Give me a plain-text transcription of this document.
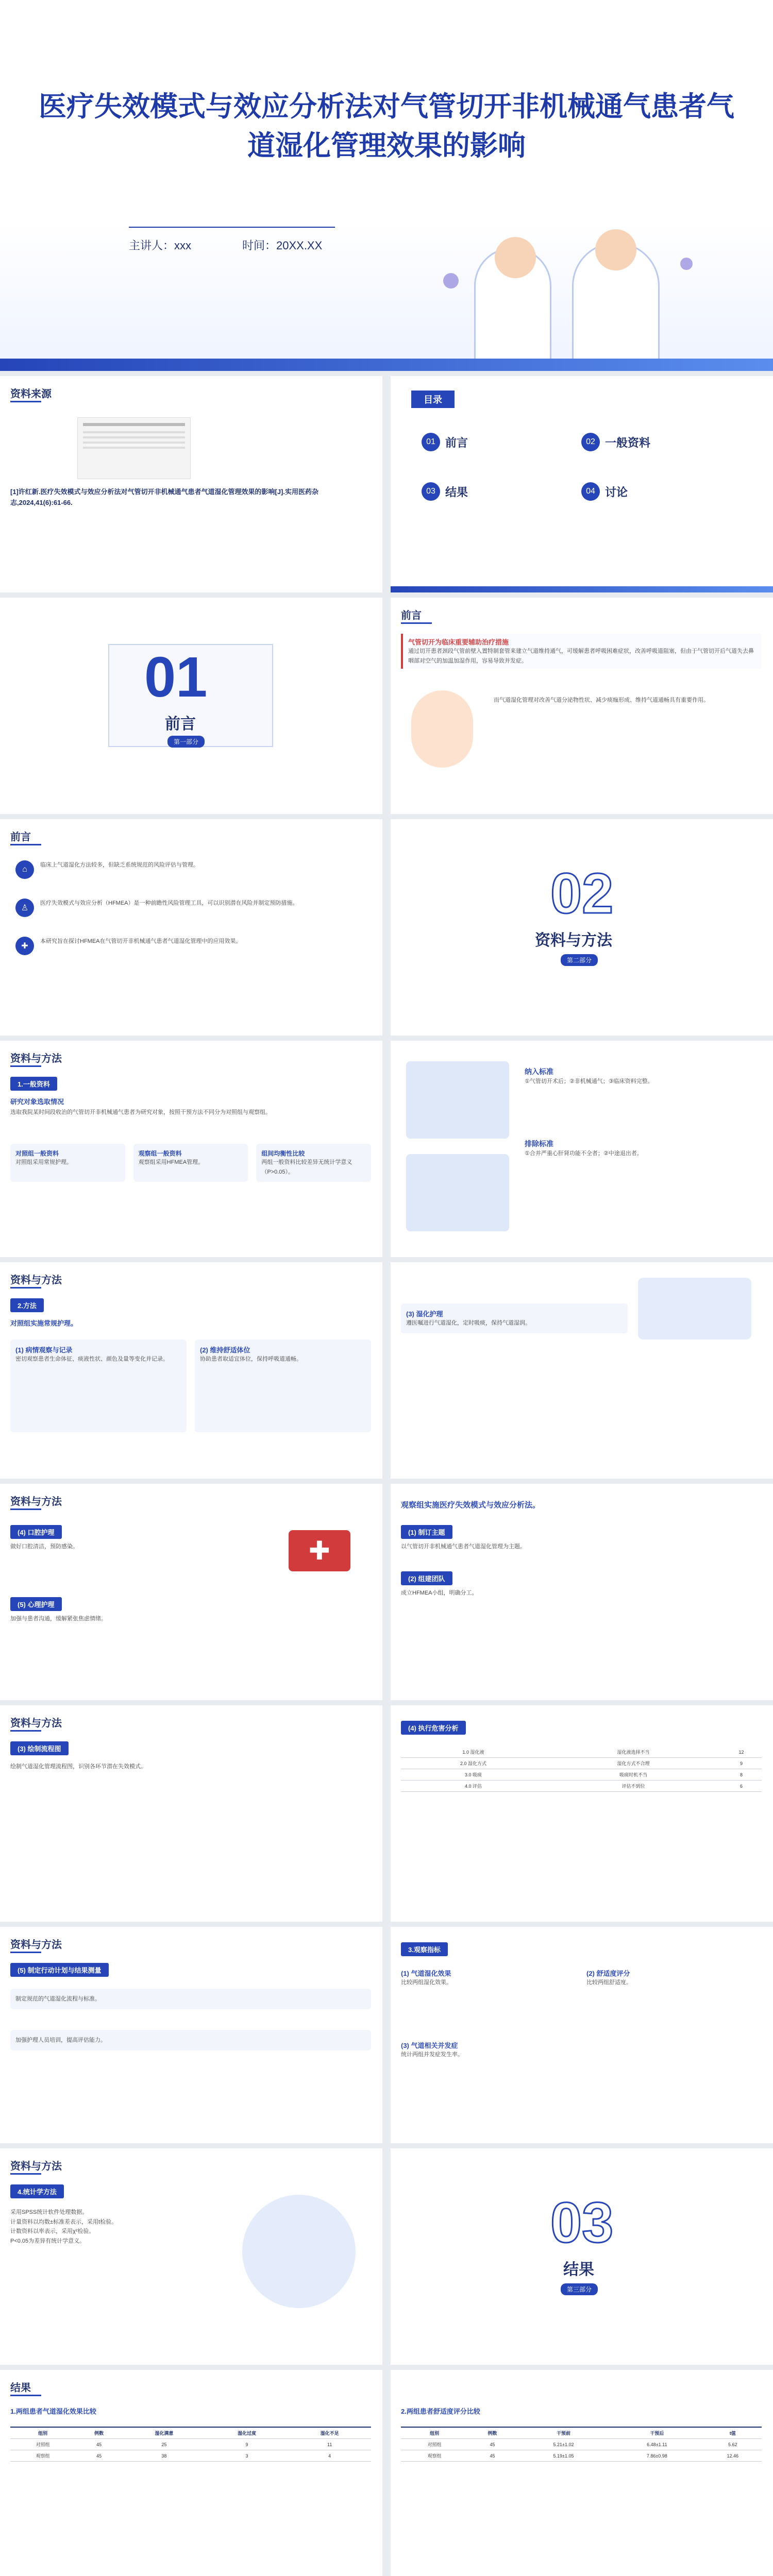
医疗失效模式与效应分析法对气管切开非机械通气患者气道湿化管理效果的影响
主讲人：xxx	时间：20XX.XX
资料来源
[1]许红新.医疗失效模式与效应分析法对气管切开非机械通气患者气道湿化管理效果的影响[J].实用医药杂志,2024,41(6):61-66.
目录
01 前言	02 一般资料
03 结果	04 讨论
01
前言
第一部分
前言
气管切开为临床重要辅助治疗措施
通过切开患者颈段气管前壁入置特制套管来建立气道维持通气，可缓解患者呼吸困难症状，改善呼吸道阻塞，但由于气管切开后气道失去鼻咽部对空气的加温加湿作用，容易导致并发症。
而气道湿化管理对改善气道分泌物性状、减少痰痂形成、维持气道通畅具有重要作用。
前言
⌂	临床上气道湿化方法较多，但缺乏系统规范的风险评估与管理。
♙
医疗失效模式与效应分析（HFMEA）是一种前瞻性风险管理工具，可以识别潜在风险并制定预防措施。
✚
本研究旨在探讨HFMEA在气管切开非机械通气患者气道湿化管理中的应用效果。
02
资料与方法
第二部分
资料与方法
1.一般资料
研究对象选取情况
选取我院某时间段收治的气管切开非机械通气患者为研究对象，按照干预方法不同分为对照组与观察组。
对照组一般资料
对照组采用常规护理。
观察组一般资料
观察组采用HFMEA管理。
组间均衡性比较
两组一般资料比较差异无统计学意义（P>0.05）。
纳入标准
①气管切开术后；②非机械通气；③临床资料完整。
排除标准
①合并严重心肝肾功能不全者；②中途退出者。
资料与方法
2.方法
对照组实施常规护理。
(1) 病情观察与记录
密切观察患者生命体征、痰液性状、颜色及量等变化并记录。
(2) 维持舒适体位
协助患者取适宜体位，保持呼吸道通畅。
(3) 湿化护理
遵医嘱进行气道湿化，定时吸痰，保持气道湿润。
资料与方法
(4) 口腔护理
做好口腔清洁，预防感染。	✚
(5) 心理护理
加强与患者沟通，缓解紧张焦虑情绪。
观察组实施医疗失效模式与效应分析法。
(1) 制订主题
以气管切开非机械通气患者气道湿化管理为主题。
(2) 组建团队
成立HFMEA小组，明确分工。
资料与方法
(3) 绘制流程图
绘制气道湿化管理流程图，识别各环节潜在失效模式。
(4) 执行危害分析
1.0 湿化液	湿化液选择不当	12
2.0 湿化方式	湿化方式不合理	9
3.0 吸痰	吸痰时机不当	8
4.0 评估	评估不到位	6
资料与方法
(5) 制定行动计划与结果测量
制定规范的气道湿化流程与标准。
加强护理人员培训，提高评估能力。
3.观察指标
(1) 气道湿化效果
比较两组湿化效果。
(2) 舒适度评分
比较两组舒适度。
(3) 气道相关并发症
统计两组并发症发生率。
资料与方法
4.统计学方法
采用SPSS统计软件处理数据。
计量资料以均数±标准差表示，采用t检验。
计数资料以率表示，采用χ²检验。
P<0.05为差异有统计学意义。	03
结果
第三部分
结果
1.两组患者气道湿化效果比较
组别	例数	湿化满意	湿化过度	湿化不足
对照组	45	25	9	11
观察组	45	38	3	4
2.两组患者舒适度评分比较
组别	例数	干预前	干预后	t值
对照组	45	5.21±1.02	6.48±1.11	5.62
观察组	45	5.19±1.05	7.86±0.98	12.46
